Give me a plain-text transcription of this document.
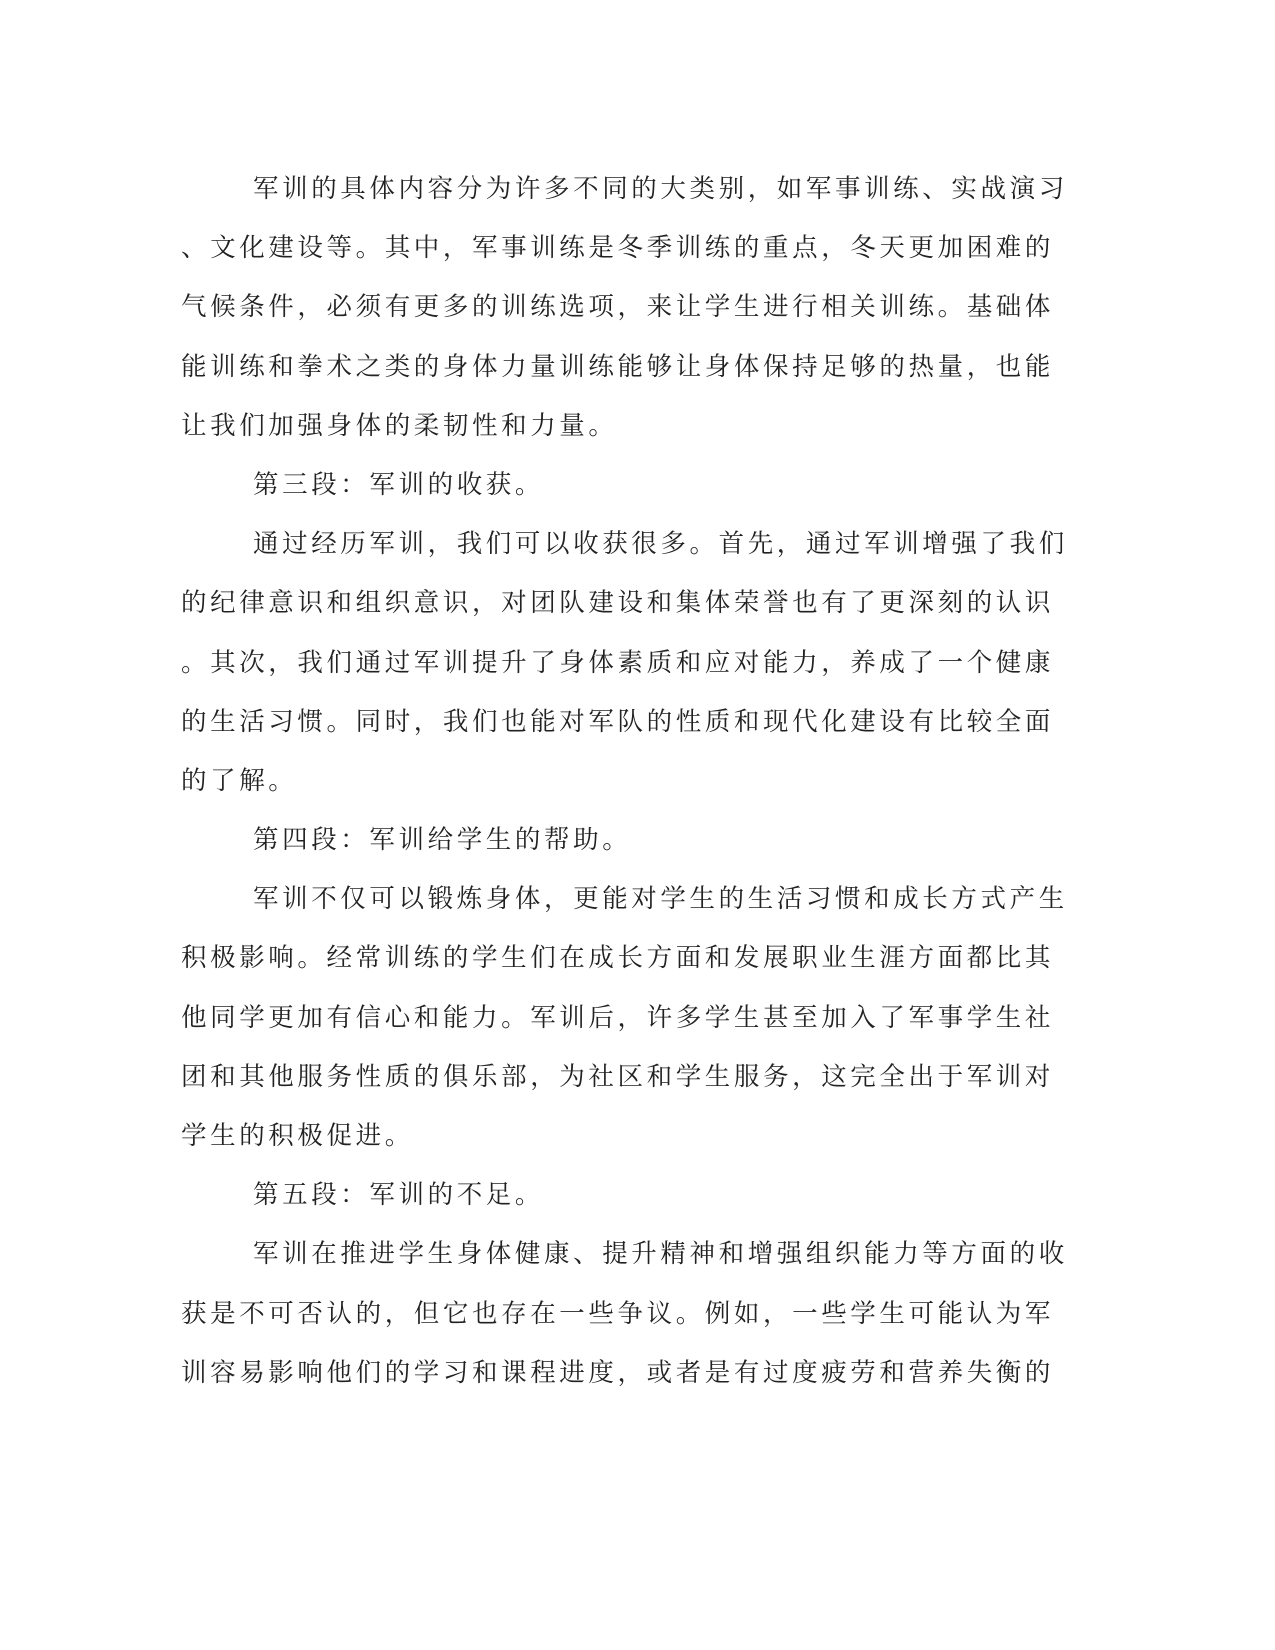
军训的具体内容分为许多不同的大类别，如军事训练、实战演习
、文化建设等。其中，军事训练是冬季训练的重点，冬天更加困难的
气候条件，必须有更多的训练选项，来让学生进行相关训练。基础体
能训练和拳术之类的身体力量训练能够让身体保持足够的热量，也能
让我们加强身体的柔韧性和力量。
第三段：军训的收获。
通过经历军训，我们可以收获很多。首先，通过军训增强了我们
的纪律意识和组织意识，对团队建设和集体荣誉也有了更深刻的认识
。其次，我们通过军训提升了身体素质和应对能力，养成了一个健康
的生活习惯。同时，我们也能对军队的性质和现代化建设有比较全面
的了解。
第四段：军训给学生的帮助。
军训不仅可以锻炼身体，更能对学生的生活习惯和成长方式产生
积极影响。经常训练的学生们在成长方面和发展职业生涯方面都比其
他同学更加有信心和能力。军训后，许多学生甚至加入了军事学生社
团和其他服务性质的俱乐部，为社区和学生服务，这完全出于军训对
学生的积极促进。
第五段：军训的不足。
军训在推进学生身体健康、提升精神和增强组织能力等方面的收
获是不可否认的，但它也存在一些争议。例如，一些学生可能认为军
训容易影响他们的学习和课程进度，或者是有过度疲劳和营养失衡的
